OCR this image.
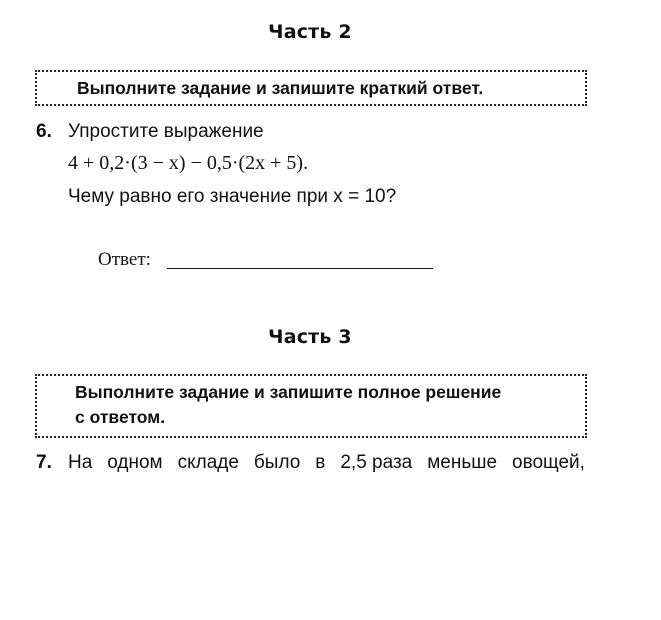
Часть 2
Выполните задание и запишите краткий ответ.
6. Упростите выражение
4 + 0,2·(3 − x) − 0,5·(2x + 5).
Чему равно его значение при x = 10?
Ответ:
Часть 3
Выполните задание и запишите полное решение
с ответом.
7. На одном складе было в 2,5 раза меньше овощей,
